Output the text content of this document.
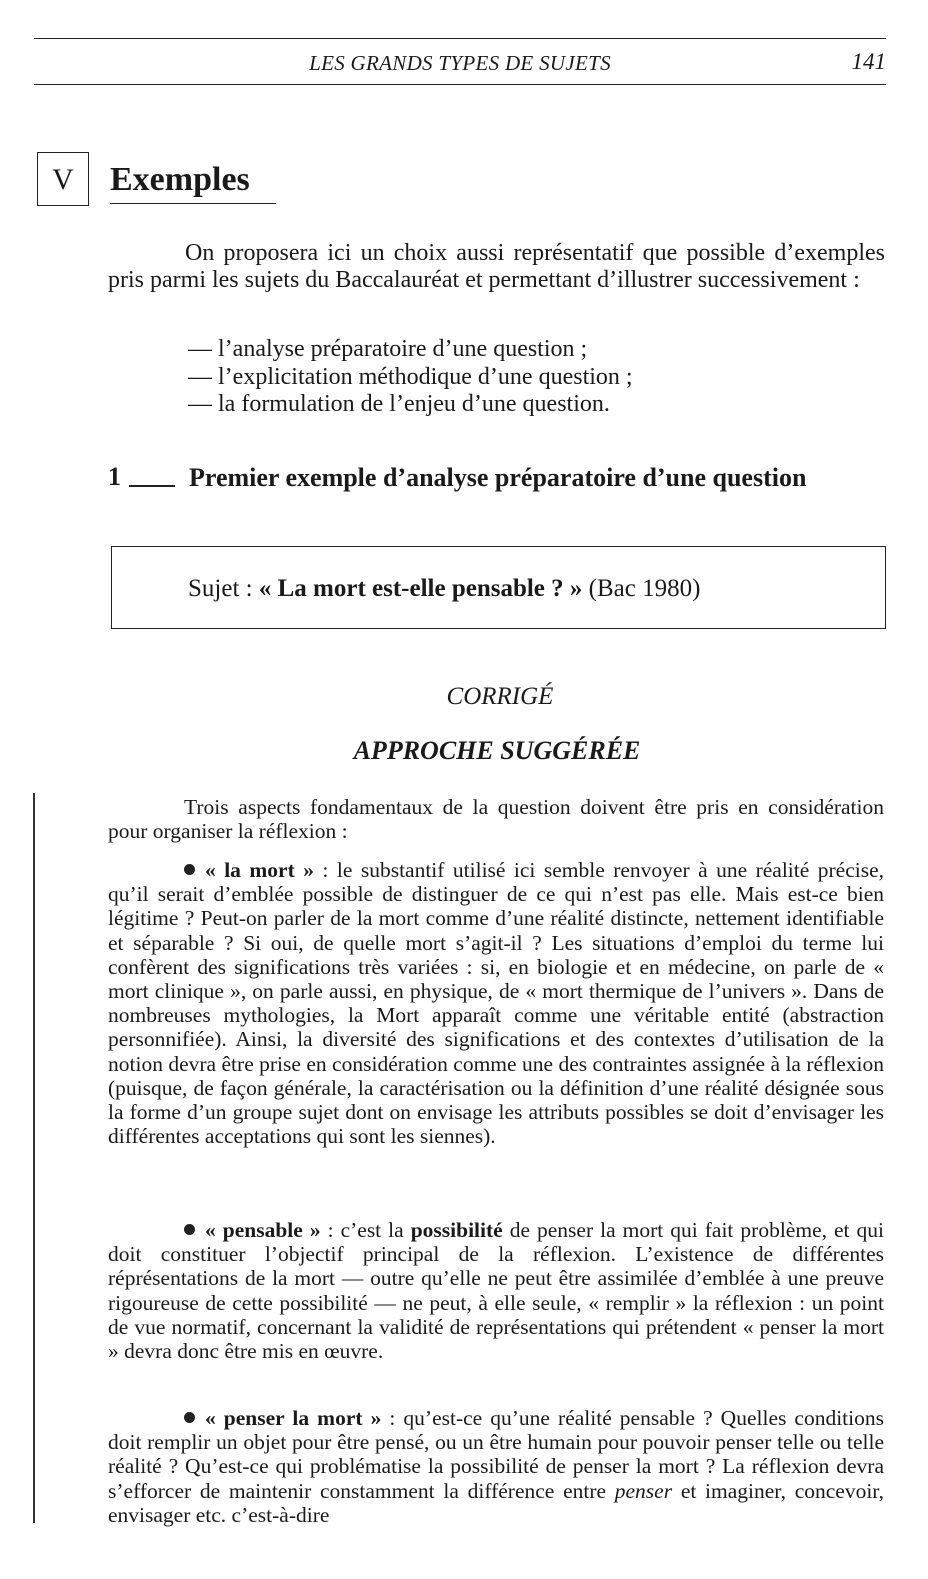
LES GRANDS TYPES DE SUJETS	141
V	Exemples

On proposera ici un choix aussi représentatif que possible d’exemples pris parmi les sujets du Baccalauréat et permettant d’illustrer successivement :

— l’analyse préparatoire d’une question ;
— l’explicitation méthodique d’une question ;
— la formulation de l’enjeu d’une question.
1	Premier exemple d’analyse préparatoire d’une question
Sujet : « La mort est-elle pensable ? » (Bac 1980)
CORRIGÉ
APPROCHE SUGGÉRÉE

Trois aspects fondamentaux de la question doivent être pris en considération pour organiser la réflexion :

« la mort » : le substantif utilisé ici semble renvoyer à une réalité précise, qu’il serait d’emblée possible de distinguer de ce qui n’est pas elle. Mais est-ce bien légitime ? Peut-on parler de la mort comme d’une réalité distincte, nettement identifiable et séparable ? Si oui, de quelle mort s’agit-il ? Les situations d’emploi du terme lui confèrent des significations très variées : si, en biologie et en médecine, on parle de « mort clinique », on parle aussi, en physique, de « mort thermique de l’univers ». Dans de nombreuses mythologies, la Mort apparaît comme une véritable entité (abstraction personnifiée). Ainsi, la diversité des significations et des contextes d’utilisation de la notion devra être prise en considération comme une des contraintes assignée à la réflexion (puisque, de façon générale, la caractérisation ou la définition d’une réalité désignée sous la forme d’un groupe sujet dont on envisage les attributs possibles se doit d’envisager les différentes acceptations qui sont les siennes).

« pensable » : c’est la possibilité de penser la mort qui fait problème, et qui doit constituer l’objectif principal de la réflexion. L’existence de différentes réprésentations de la mort — outre qu’elle ne peut être assimilée d’emblée à une preuve rigoureuse de cette possibilité — ne peut, à elle seule, « remplir » la réflexion : un point de vue normatif, concernant la validité de représentations qui prétendent « penser la mort » devra donc être mis en œuvre.

« penser la mort » : qu’est-ce qu’une réalité pensable ? Quelles conditions doit remplir un objet pour être pensé, ou un être humain pour pouvoir penser telle ou telle réalité ? Qu’est-ce qui problématise la possibilité de penser la mort ? La réflexion devra s’efforcer de maintenir constamment la différence entre penser et imaginer, concevoir, envisager etc. c’est-à-dire
